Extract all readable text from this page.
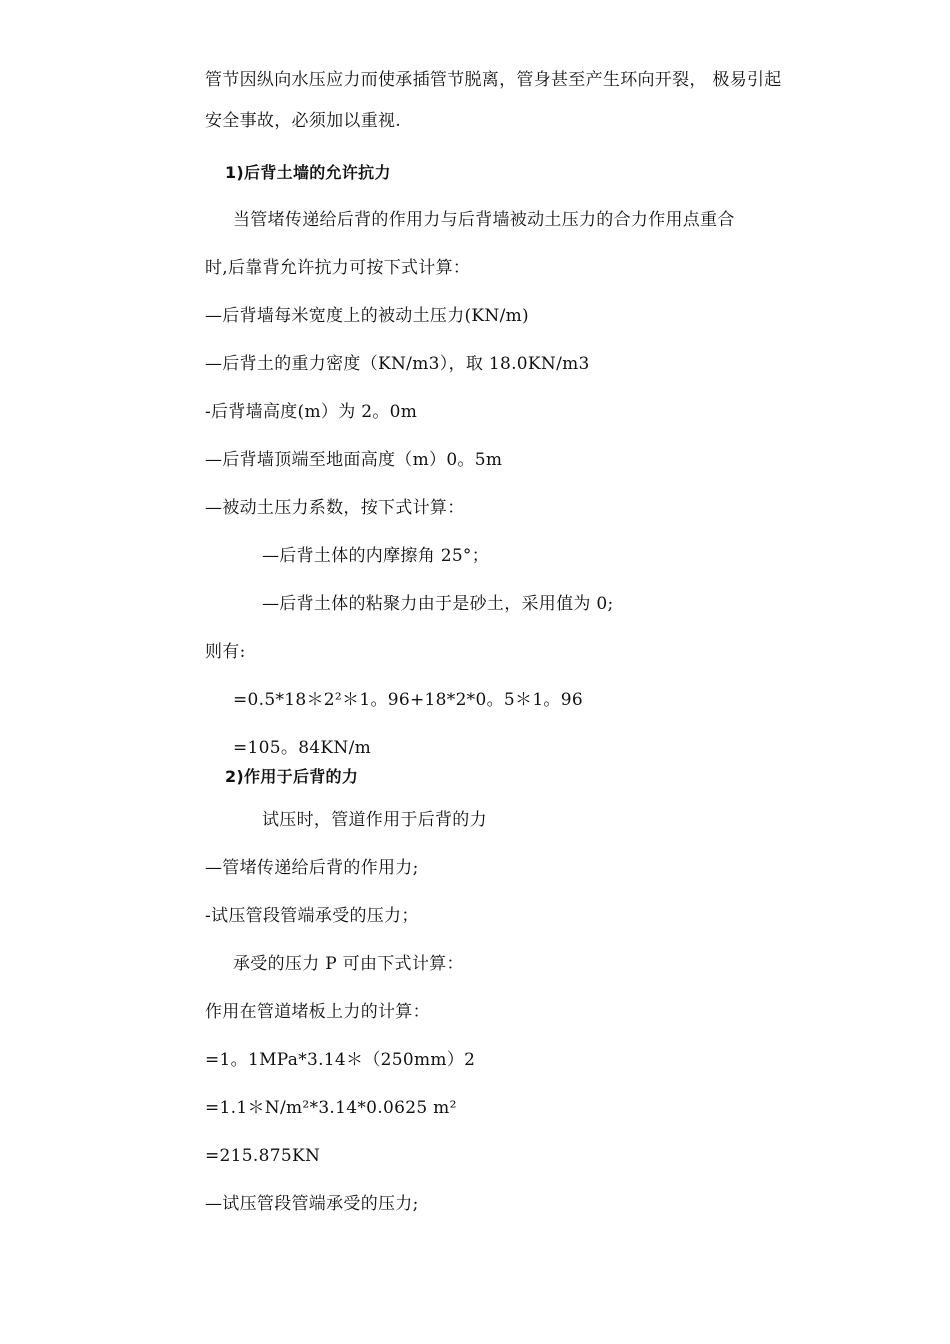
管节因纵向水压应力而使承插管节脱离，管身甚至产生环向开裂， 极易引起
安全事故，必须加以重视.
1)后背土墙的允许抗力
当管堵传递给后背的作用力与后背墙被动土压力的合力作用点重合
时,后靠背允许抗力可按下式计算：
—后背墙每米宽度上的被动土压力(KN/m)
—后背土的重力密度（KN/m3），取 18.0KN/m3
-后背墙高度(m）为 2。0m
—后背墙顶端至地面高度（m）0。5m
—被动土压力系数，按下式计算：
—后背土体的内摩擦角 25°；
—后背土体的粘聚力由于是砂土，采用值为 0;
则有:
=0.5*18＊2²＊1。96+18*2*0。5＊1。96
=105。84KN/m
2)作用于后背的力
试压时，管道作用于后背的力
—管堵传递给后背的作用力;
-试压管段管端承受的压力；
承受的压力 P 可由下式计算：
作用在管道堵板上力的计算：
=1。1MPa*3.14＊（250mm）2
=1.1＊N/m²*3.14*0.0625 m²
=215.875KN
—试压管段管端承受的压力;
